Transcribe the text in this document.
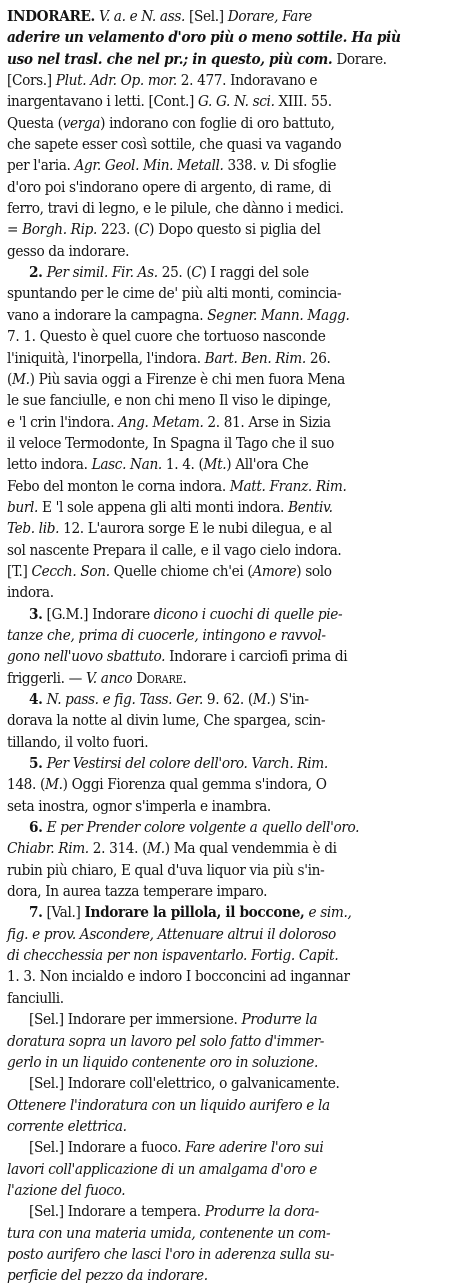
INDORARE. V. a. e N. ass. [Sel.] Dorare, Fare
aderire un velamento d'oro più o meno sottile. Ha più
uso nel trasl. che nel pr.; in questo, più com. Dorare.
[Cors.] Plut. Adr. Op. mor. 2. 477. Indoravano e
inargentavano i letti. [Cont.] G. G. N. sci. XIII. 55.
Questa (verga) indorano con foglie di oro battuto,
che sapete esser così sottile, che quasi va vagando
per l'aria. Agr. Geol. Min. Metall. 338. v. Di sfoglie
d'oro poi s'indorano opere di argento, di rame, di
ferro, travi di legno, e le pilule, che dànno i medici.
= Borgh. Rip. 223. (C) Dopo questo si piglia del
gesso da indorare.
2. Per simil. Fir. As. 25. (C) I raggi del sole
spuntando per le cime de' più alti monti, comincia-
vano a indorare la campagna. Segner. Mann. Magg.
7. 1. Questo è quel cuore che tortuoso nasconde
l'iniquità, l'inorpella, l'indora. Bart. Ben. Rim. 26.
(M.) Più savia oggi a Firenze è chi men fuora Mena
le sue fanciulle, e non chi meno Il viso le dipinge,
e 'l crin l'indora. Ang. Metam. 2. 81. Arse in Sizia
il veloce Termodonte, In Spagna il Tago che il suo
letto indora. Lasc. Nan. 1. 4. (Mt.) All'ora Che
Febo del monton le corna indora. Matt. Franz. Rim.
burl. E 'l sole appena gli alti monti indora. Bentiv.
Teb. lib. 12. L'aurora sorge E le nubi dilegua, e al
sol nascente Prepara il calle, e il vago cielo indora.
[T.] Cecch. Son. Quelle chiome ch'ei (Amore) solo
indora.
3. [G.M.] Indorare dicono i cuochi di quelle pie-
tanze che, prima di cuocerle, intingono e ravvol-
gono nell'uovo sbattuto. Indorare i carciofi prima di
friggerli. — V. anco Dorare.
4. N. pass. e fig. Tass. Ger. 9. 62. (M.) S'in-
dorava la notte al divin lume, Che spargea, scin-
tillando, il volto fuori.
5. Per Vestirsi del colore dell'oro. Varch. Rim.
148. (M.) Oggi Fiorenza qual gemma s'indora, O
seta inostra, ognor s'imperla e inambra.
6. E per Prender colore volgente a quello dell'oro.
Chiabr. Rim. 2. 314. (M.) Ma qual vendemmia è di
rubin più chiaro, E qual d'uva liquor via più s'in-
dora, In aurea tazza temperare imparo.
7. [Val.] Indorare la pillola, il boccone, e sim.,
fig. e prov. Ascondere, Attenuare altrui il doloroso
di checchessia per non ispaventarlo. Fortig. Capit.
1. 3. Non incialdo e indoro I bocconcini ad ingannar
fanciulli.
[Sel.] Indorare per immersione. Produrre la
doratura sopra un lavoro pel solo fatto d'immer-
gerlo in un liquido contenente oro in soluzione.
[Sel.] Indorare coll'elettrico, o galvanicamente.
Ottenere l'indoratura con un liquido aurifero e la
corrente elettrica.
[Sel.] Indorare a fuoco. Fare aderire l'oro sui
lavori coll'applicazione di un amalgama d'oro e
l'azione del fuoco.
[Sel.] Indorare a tempera. Produrre la dora-
tura con una materia umida, contenente un com-
posto aurifero che lasci l'oro in aderenza sulla su-
perficie del pezzo da indorare.
